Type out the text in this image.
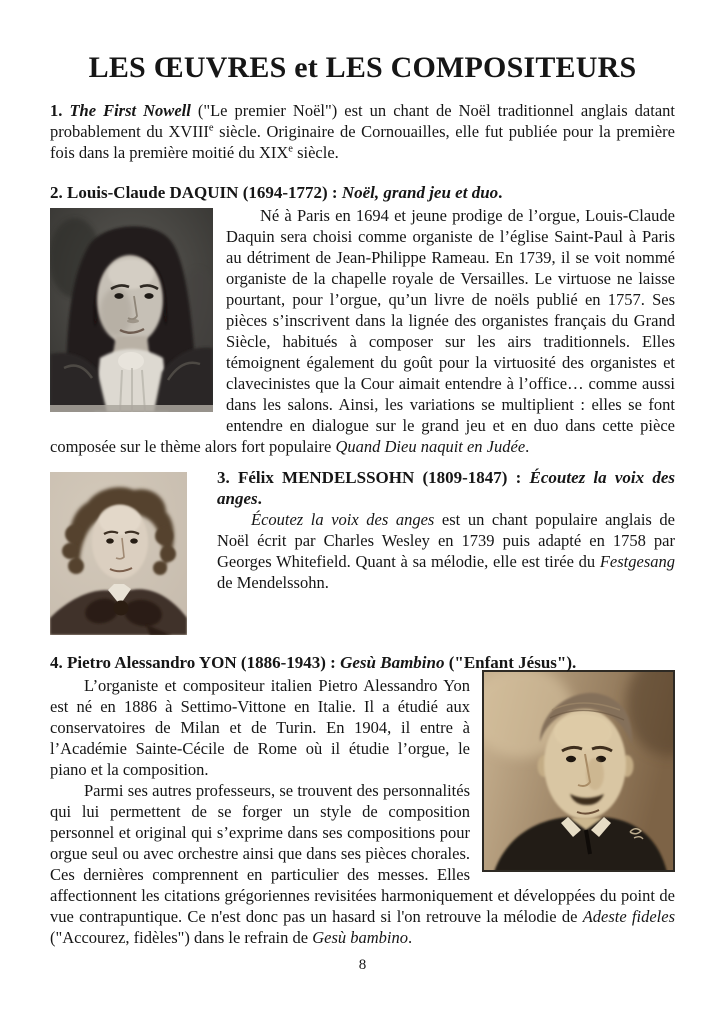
LES ŒUVRES et LES COMPOSITEURS

1. The First Nowell ("Le premier Noël") est un chant de Noël traditionnel anglais datant probablement du XVIIIe siècle. Originaire de Cornouailles, elle fut publiée pour la première fois dans la première moitié du XIXe siècle.

2. Louis-Claude DAQUIN (1694-1772) : Noël, grand jeu et duo.

Né à Paris en 1694 et jeune prodige de l’orgue, Louis-Claude Daquin sera choisi comme organiste de l’église Saint-Paul à Paris au détriment de Jean-Philippe Rameau. En 1739, il se voit nommé organiste de la chapelle royale de Versailles. Le virtuose ne laisse pourtant, pour l’orgue, qu’un livre de noëls publié en 1757. Ses pièces s’inscrivent dans la lignée des organistes français du Grand Siècle, habitués à composer sur les airs traditionnels. Elles témoignent également du goût pour la virtuosité des organistes et clavecinistes que la Cour aimait entendre à l’office… comme aussi dans les salons. Ainsi, les variations se multiplient : elles se font entendre en dialogue sur le grand jeu et en duo dans cette pièce composée sur le thème alors fort populaire Quand Dieu naquit en Judée.

3. Félix MENDELSSOHN (1809-1847) : Écoutez la voix des anges.

Écoutez la voix des anges est un chant populaire anglais de Noël écrit par Charles Wesley en 1739 puis adapté en 1758 par Georges Whitefield. Quant à sa mélodie, elle est tirée du Festgesang de Mendelssohn.

4. Pietro Alessandro YON (1886-1943) : Gesù Bambino ("Enfant Jésus").

L’organiste et compositeur italien Pietro Alessandro Yon est né en 1886 à Settimo-Vittone en Italie. Il a étudié aux conservatoires de Milan et de Turin. En 1904, il entre à l’Académie Sainte-Cécile de Rome où il étudie l’orgue, le piano et la composition.

Parmi ses autres professeurs, se trouvent des personnalités qui lui permettent de se forger un style de composition personnel et original qui s’exprime dans ses compositions pour orgue seul ou avec orchestre ainsi que dans ses pièces chorales. Ces dernières comprennent en particulier des messes. Elles affectionnent les citations grégoriennes revisitées harmoniquement et développées du point de vue contrapuntique. Ce n'est donc pas un hasard si l'on retrouve la mélodie de Adeste fideles ("Accourez, fidèles") dans le refrain de Gesù bambino.

8
